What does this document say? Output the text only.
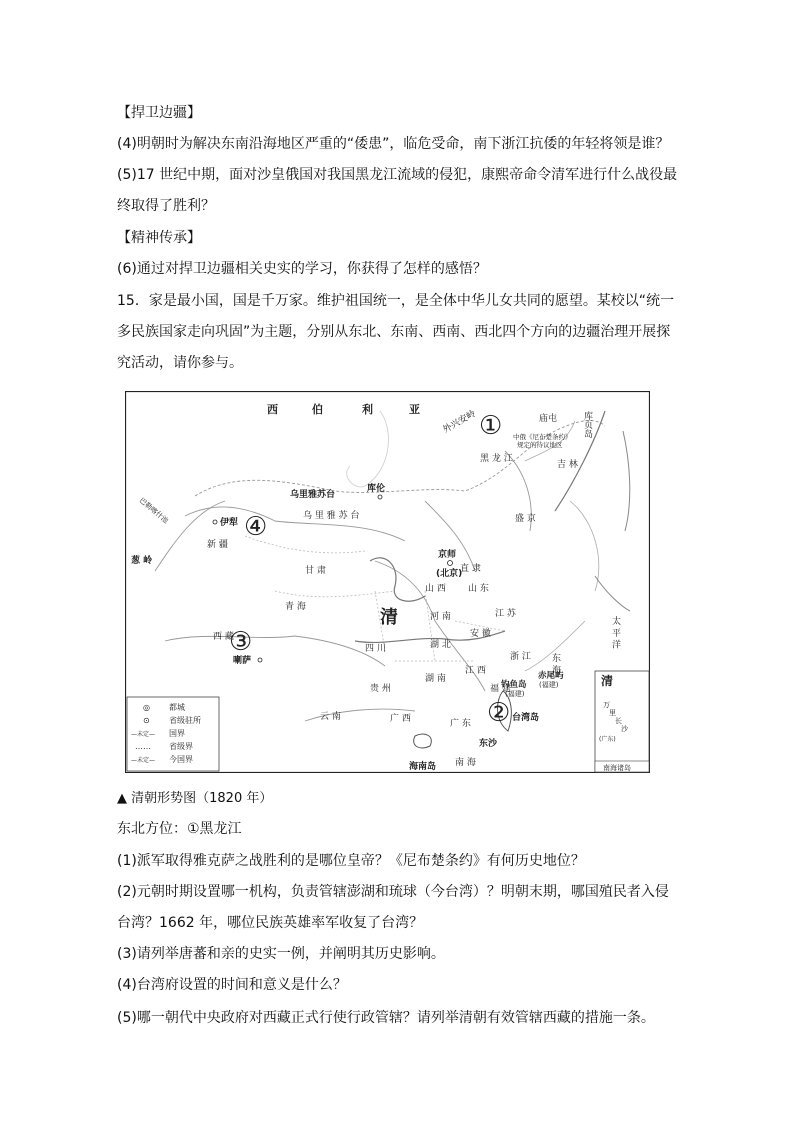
【捍卫边疆】
(4)明朝时为解决东南沿海地区严重的“倭患”，临危受命，南下浙江抗倭的年轻将领是谁？
(5)17 世纪中期，面对沙皇俄国对我国黑龙江流域的侵犯，康熙帝命令清军进行什么战役最
终取得了胜利？
【精神传承】
(6)通过对捍卫边疆相关史实的学习，你获得了怎样的感悟？
15．家是最小国，国是千万家。维护祖国统一，是全体中华儿女共同的愿望。某校以“统一
多民族国家走向巩固”为主题，分别从东北、东南、西南、西北四个方向的边疆治理开展探
究活动，请你参与。
清
万
里
长
沙
(广东)
南海诸岛
◎ 都城
⊙ 省级驻所
—未定— 国界
…… 省级界
—未定— 今国界
西	伯	利	亚 外兴安岭	庙屯	库页岛
中俄《尼布楚条约》
规定的待议地区
巴勒喀什池
乌里雅苏台
库伦
乌 里 雅 苏 台
伊犁
新 疆
葱 岭
京师
(北京)
清
甘 肃
青 海
西 藏
喇萨
四 川
山 西
河 南
山 东
直 隶
江 苏
吉 林
黑 龙 江
盛 京
湖 北
湖 南
贵 州
云 南	广 西	广 东
福 建
浙 江
安 徽
江 西
钓鱼岛
(福建)
赤尾屿
(福建)
台湾岛
东沙
海南岛 南 海
东 海
太 平 洋
①
②
③
④
▲ 清朝形势图（1820 年）
东北方位：①黑龙江
(1)派军取得雅克萨之战胜利的是哪位皇帝？《尼布楚条约》有何历史地位？
(2)元朝时期设置哪一机构，负责管辖澎湖和琉球（今台湾）？明朝末期，哪国殖民者入侵
台湾？1662 年，哪位民族英雄率军收复了台湾？
(3)请列举唐蕃和亲的史实一例，并阐明其历史影响。
(4)台湾府设置的时间和意义是什么？
(5)哪一朝代中央政府对西藏正式行使行政管辖？请列举清朝有效管辖西藏的措施一条。
